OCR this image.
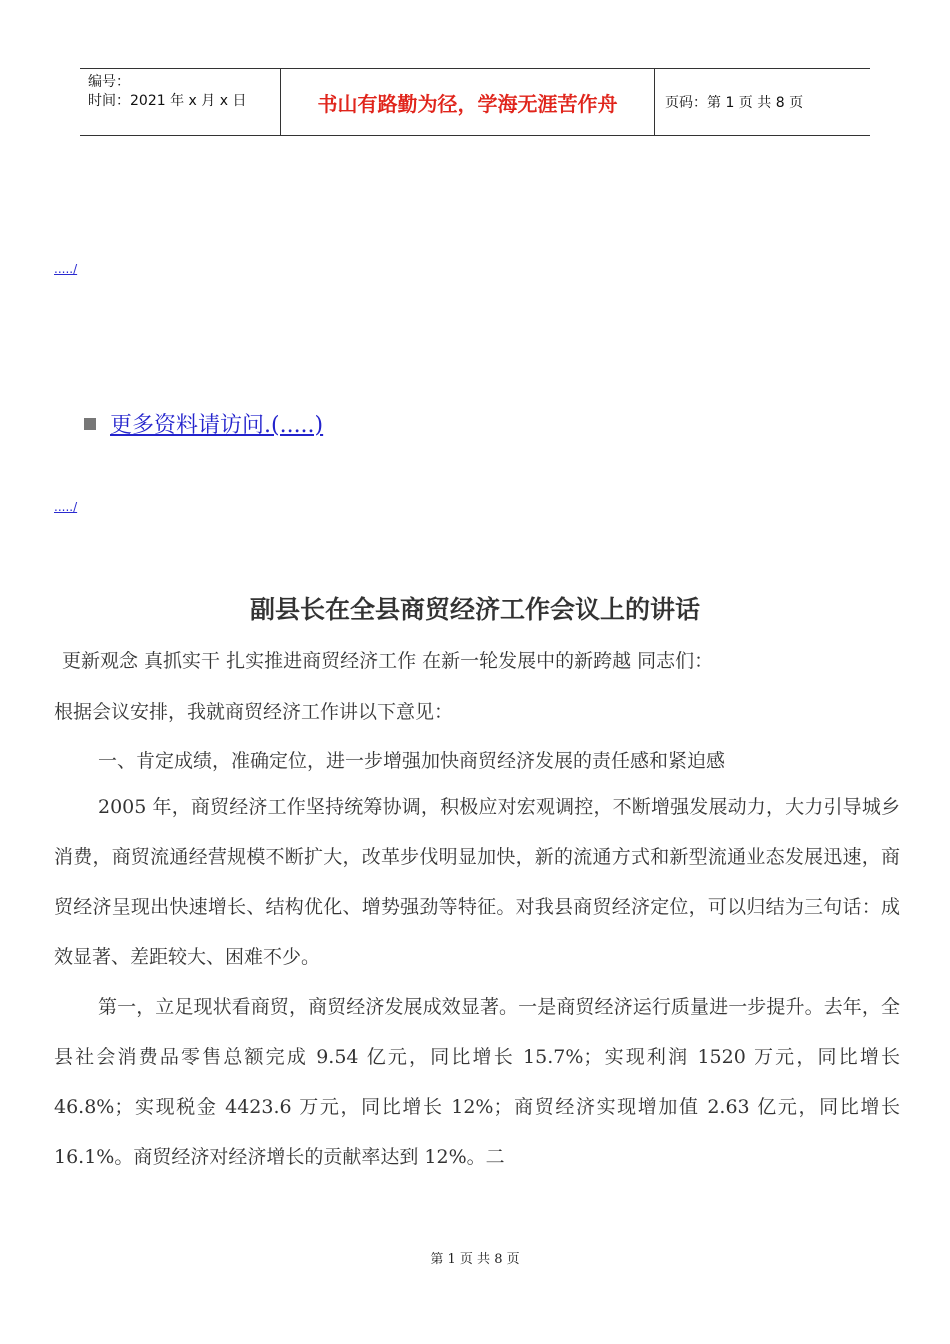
编号：
时间：2021 年 x 月 x 日	书山有路勤为径，学海无涯苦作舟	页码：第 1 页 共 8 页
...../
更多资料请访问.(.....)
...../
副县长在全县商贸经济工作会议上的讲话
更新观念 真抓实干 扎实推进商贸经济工作 在新一轮发展中的新跨越 同志们：
根据会议安排，我就商贸经济工作讲以下意见：
一、肯定成绩，准确定位，进一步增强加快商贸经济发展的责任感和紧迫感

2005 年，商贸经济工作坚持统筹协调，积极应对宏观调控，不断增强发展动力，大力引导城乡消费，商贸流通经营规模不断扩大，改革步伐明显加快，新的流通方式和新型流通业态发展迅速，商贸经济呈现出快速增长、结构优化、增势强劲等特征。对我县商贸经济定位，可以归结为三句话：成效显著、差距较大、困难不少。

第一，立足现状看商贸，商贸经济发展成效显著。一是商贸经济运行质量进一步提升。去年，全县社会消费品零售总额完成 9.54 亿元，同比增长 15.7%；实现利润 1520 万元，同比增长 46.8%；实现税金 4423.6 万元，同比增长 12%；商贸经济实现增加值 2.63 亿元，同比增长 16.1%。商贸经济对经济增长的贡献率达到 12%。二

第 1 页 共 8 页
